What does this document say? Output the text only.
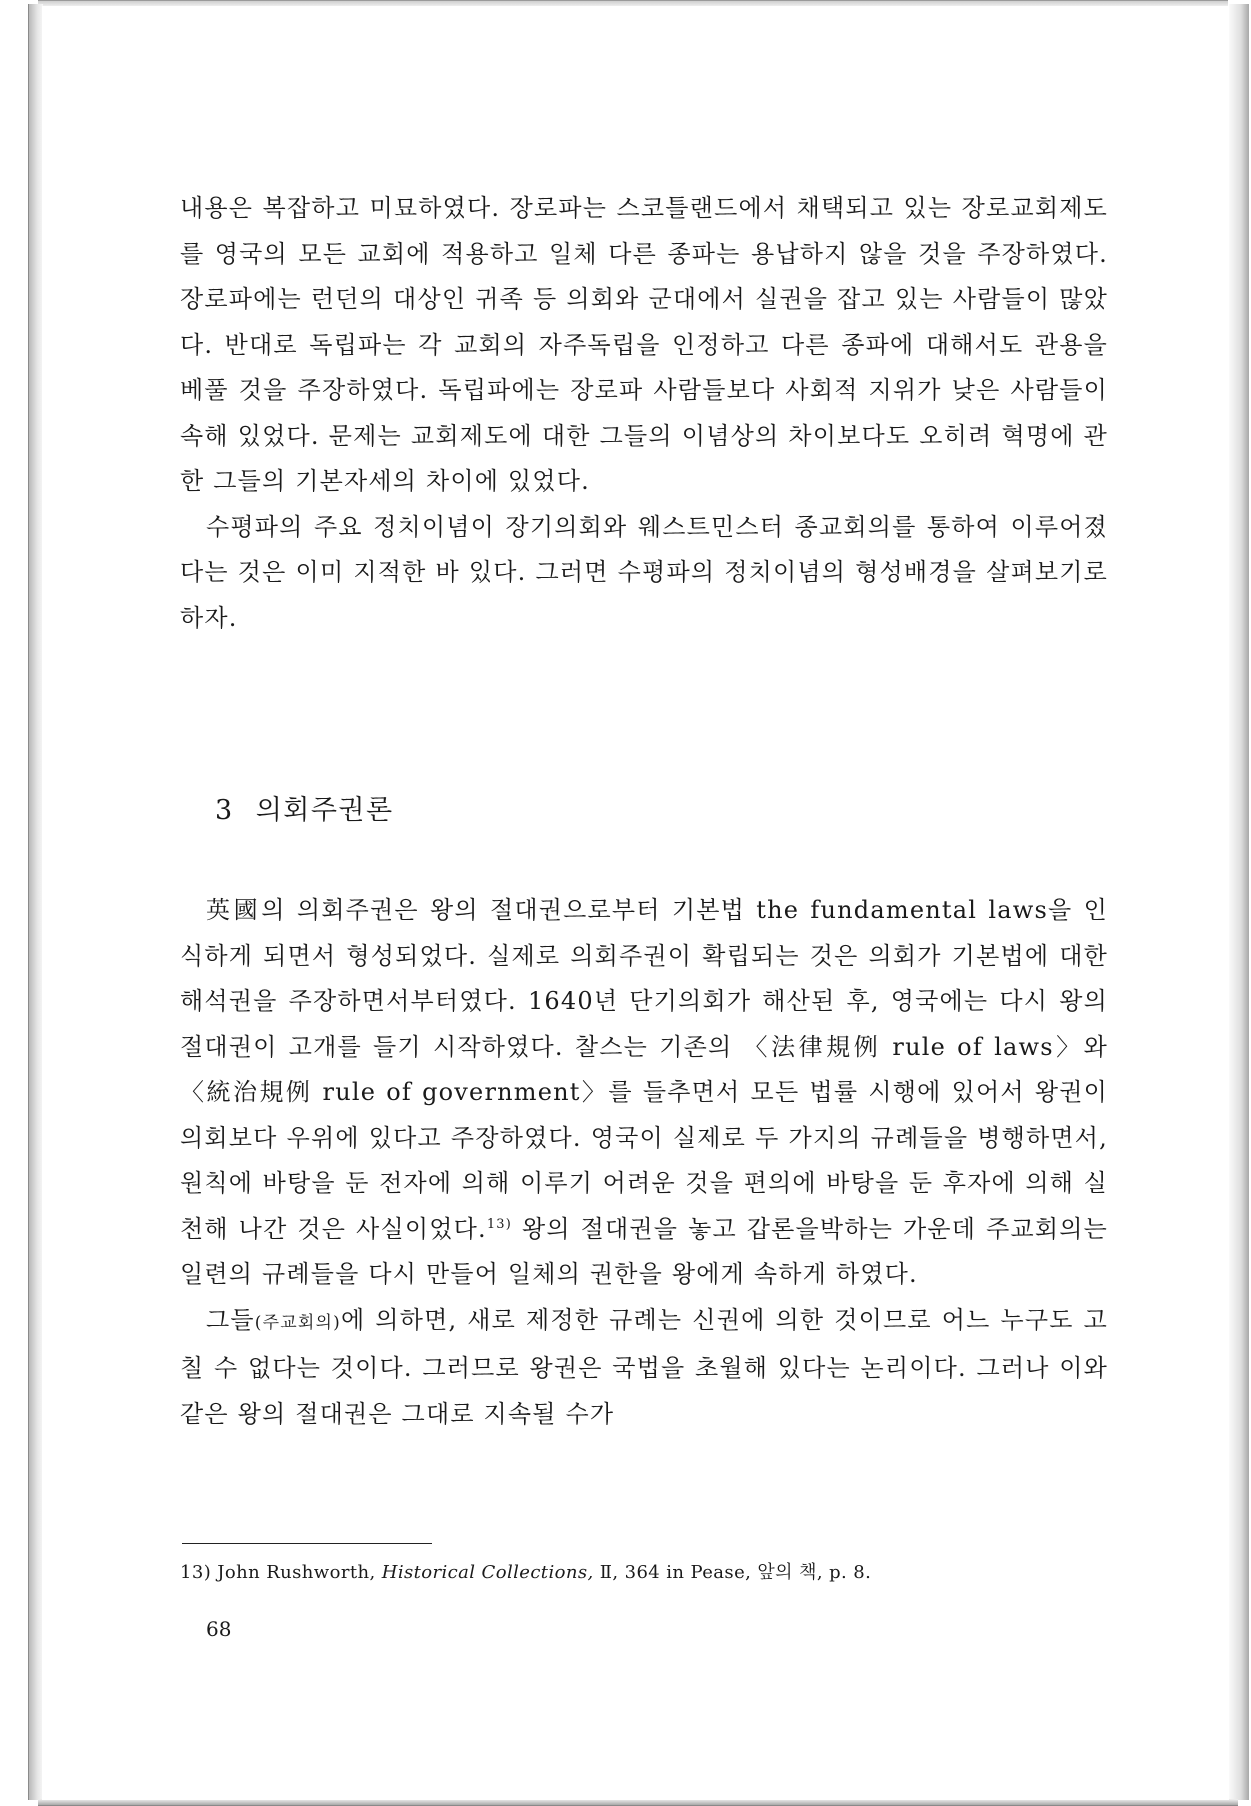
내용은 복잡하고 미묘하였다. 장로파는 스코틀랜드에서 채택되고 있는 장로교회제도를 영국의 모든 교회에 적용하고 일체 다른 종파는 용납하지 않을 것을 주장하였다. 장로파에는 런던의 대상인 귀족 등 의회와 군대에서 실권을 잡고 있는 사람들이 많았다. 반대로 독립파는 각 교회의 자주독립을 인정하고 다른 종파에 대해서도 관용을 베풀 것을 주장하였다. 독립파에는 장로파 사람들보다 사회적 지위가 낮은 사람들이 속해 있었다. 문제는 교회제도에 대한 그들의 이념상의 차이보다도 오히려 혁명에 관한 그들의 기본자세의 차이에 있었다.

수평파의 주요 정치이념이 장기의회와 웨스트민스터 종교회의를 통하여 이루어졌다는 것은 이미 지적한 바 있다. 그러면 수평파의 정치이념의 형성배경을 살펴보기로 하자.

3 의회주권론

英國의 의회주권은 왕의 절대권으로부터 기본법 the fundamental laws을 인식하게 되면서 형성되었다. 실제로 의회주권이 확립되는 것은 의회가 기본법에 대한 해석권을 주장하면서부터였다. 1640년 단기의회가 해산된 후, 영국에는 다시 왕의 절대권이 고개를 들기 시작하였다. 찰스는 기존의 〈法律規例 rule of laws〉와 〈統治規例 rule of government〉를 들추면서 모든 법률 시행에 있어서 왕권이 의회보다 우위에 있다고 주장하였다. 영국이 실제로 두 가지의 규례들을 병행하면서, 원칙에 바탕을 둔 전자에 의해 이루기 어려운 것을 편의에 바탕을 둔 후자에 의해 실천해 나간 것은 사실이었다.$^{13)}$ 왕의 절대권을 놓고 갑론을박하는 가운데 주교회의는 일련의 규례들을 다시 만들어 일체의 권한을 왕에게 속하게 하였다.

그들(주교회의)에 의하면, 새로 제정한 규례는 신권에 의한 것이므로 어느 누구도 고칠 수 없다는 것이다. 그러므로 왕권은 국법을 초월해 있다는 논리이다. 그러나 이와 같은 왕의 절대권은 그대로 지속될 수가

13) John Rushworth, Historical Collections, Ⅱ, 364 in Pease, 앞의 책, p. 8.
68
